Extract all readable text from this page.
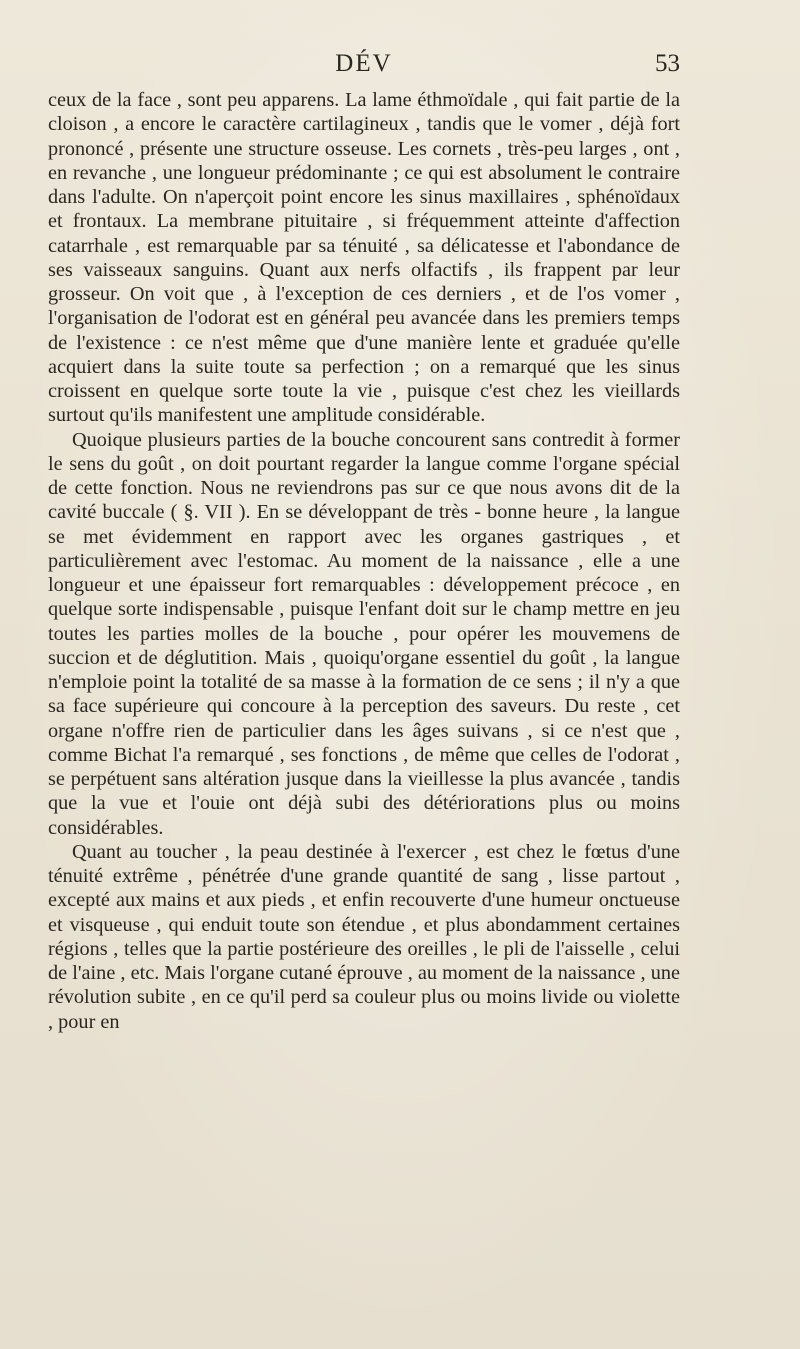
DÉV	53

ceux de la face , sont peu apparens. La lame éthmoïdale , qui fait partie de la cloison , a encore le caractère cartilagineux , tandis que le vomer , déjà fort prononcé , présente une structure osseuse. Les cornets , très-peu larges , ont , en revanche , une longueur prédominante ; ce qui est absolument le contraire dans l'adulte. On n'aperçoit point encore les sinus maxillaires , sphénoïdaux et frontaux. La membrane pituitaire , si fréquemment atteinte d'affection catarrhale , est remarquable par sa ténuité , sa délicatesse et l'abondance de ses vaisseaux sanguins. Quant aux nerfs olfactifs , ils frappent par leur grosseur. On voit que , à l'exception de ces derniers , et de l'os vomer , l'organisation de l'odorat est en général peu avancée dans les premiers temps de l'existence : ce n'est même que d'une manière lente et graduée qu'elle acquiert dans la suite toute sa perfection ; on a remarqué que les sinus croissent en quelque sorte toute la vie , puisque c'est chez les vieillards surtout qu'ils manifestent une amplitude considérable.

Quoique plusieurs parties de la bouche concourent sans contredit à former le sens du goût , on doit pourtant regarder la langue comme l'organe spécial de cette fonction. Nous ne reviendrons pas sur ce que nous avons dit de la cavité buccale ( §. VII ). En se développant de très - bonne heure , la langue se met évidemment en rapport avec les organes gastriques , et particulièrement avec l'estomac. Au moment de la naissance , elle a une longueur et une épaisseur fort remarquables : développement précoce , en quelque sorte indispensable , puisque l'enfant doit sur le champ mettre en jeu toutes les parties molles de la bouche , pour opérer les mouvemens de succion et de déglutition. Mais , quoiqu'organe essentiel du goût , la langue n'emploie point la totalité de sa masse à la formation de ce sens ; il n'y a que sa face supérieure qui concoure à la perception des saveurs. Du reste , cet organe n'offre rien de particulier dans les âges suivans , si ce n'est que , comme Bichat l'a remarqué , ses fonctions , de même que celles de l'odorat , se perpétuent sans altération jusque dans la vieillesse la plus avancée , tandis que la vue et l'ouie ont déjà subi des détériorations plus ou moins considérables.

Quant au toucher , la peau destinée à l'exercer , est chez le fœtus d'une ténuité extrême , pénétrée d'une grande quantité de sang , lisse partout , excepté aux mains et aux pieds , et enfin recouverte d'une humeur onctueuse et visqueuse , qui enduit toute son étendue , et plus abondamment certaines régions , telles que la partie postérieure des oreilles , le pli de l'aisselle , celui de l'aine , etc. Mais l'organe cutané éprouve , au moment de la naissance , une révolution subite , en ce qu'il perd sa couleur plus ou moins livide ou violette , pour en
